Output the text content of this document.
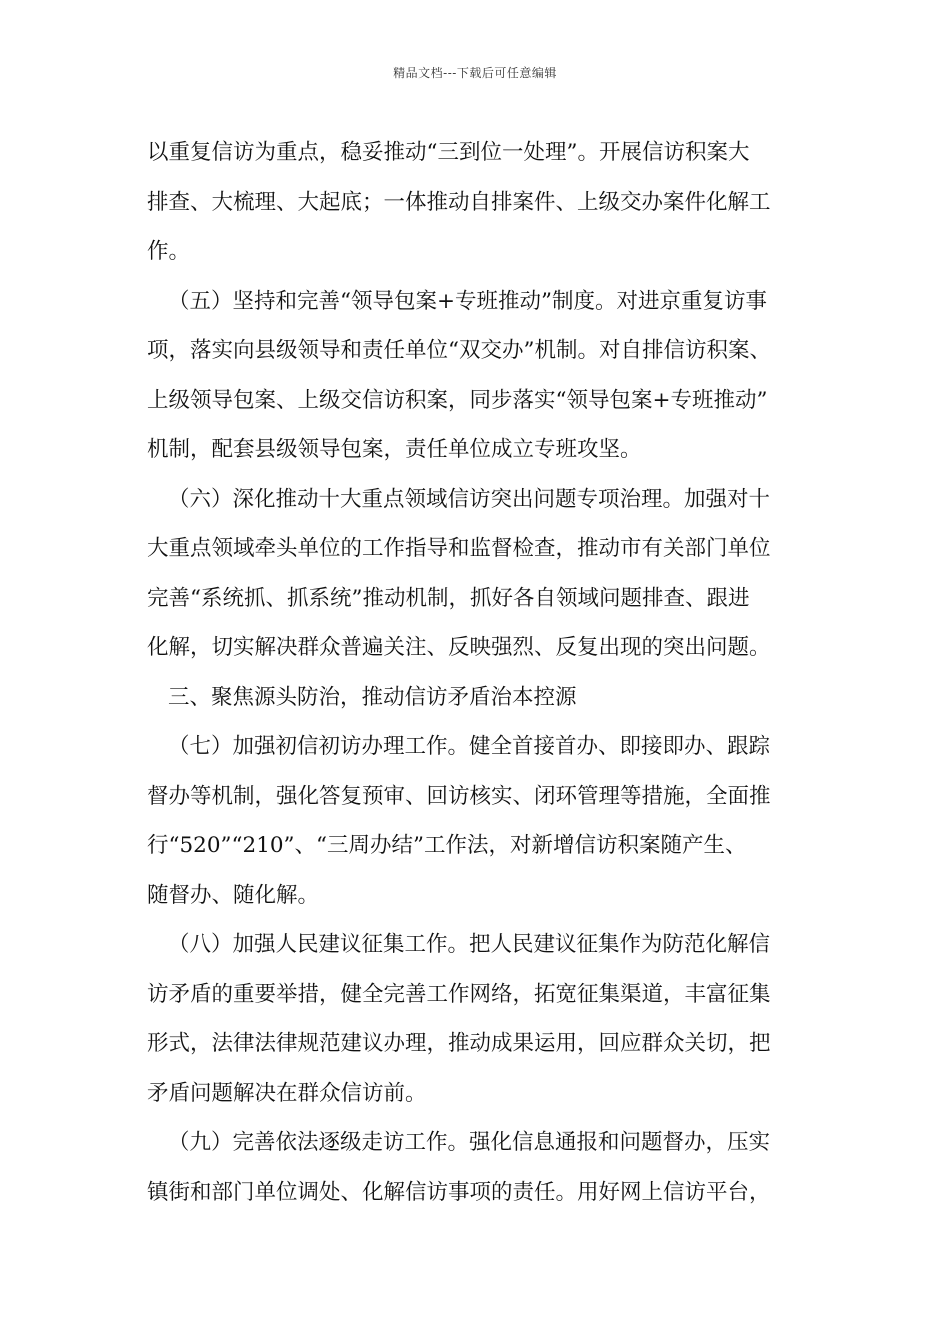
精品文档---下载后可任意编辑
以重复信访为重点，稳妥推动“三到位一处理”。开展信访积案大
排查、大梳理、大起底；一体推动自排案件、上级交办案件化解工
作。
（五）坚持和完善“领导包案+专班推动”制度。对进京重复访事
项，落实向县级领导和责任单位“双交办”机制。对自排信访积案、
上级领导包案、上级交信访积案，同步落实“领导包案+专班推动”
机制，配套县级领导包案，责任单位成立专班攻坚。
（六）深化推动十大重点领域信访突出问题专项治理。加强对十
大重点领域牵头单位的工作指导和监督检查，推动市有关部门单位
完善“系统抓、抓系统”推动机制，抓好各自领域问题排查、跟进
化解，切实解决群众普遍关注、反映强烈、反复出现的突出问题。
三、聚焦源头防治，推动信访矛盾治本控源
（七）加强初信初访办理工作。健全首接首办、即接即办、跟踪
督办等机制，强化答复预审、回访核实、闭环管理等措施，全面推
行“520”“210”、“三周办结”工作法，对新增信访积案随产生、
随督办、随化解。
（八）加强人民建议征集工作。把人民建议征集作为防范化解信
访矛盾的重要举措，健全完善工作网络，拓宽征集渠道，丰富征集
形式，法律法律规范建议办理，推动成果运用，回应群众关切，把
矛盾问题解决在群众信访前。
（九）完善依法逐级走访工作。强化信息通报和问题督办，压实
镇街和部门单位调处、化解信访事项的责任。用好网上信访平台，
